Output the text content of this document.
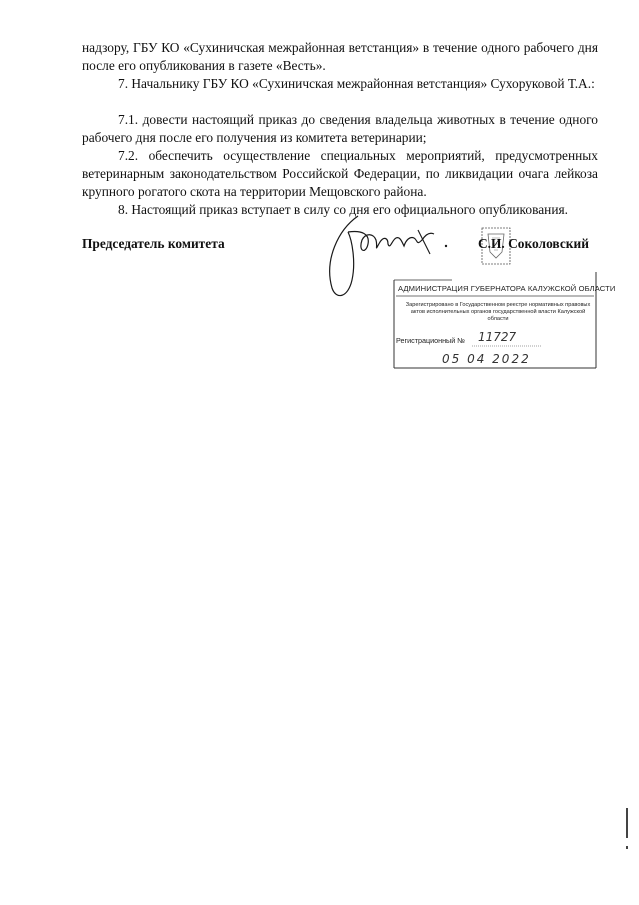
надзору, ГБУ КО «Сухиничская межрайонная ветстанция» в течение одного рабочего дня после его опубликования в газете «Весть».

7. Начальнику ГБУ КО «Сухиничская межрайонная ветстанция» Сухоруковой Т.А.:

7.1. довести настоящий приказ до сведения владельца животных в течение одного рабочего дня после его получения из комитета ветеринарии;

7.2. обеспечить осуществление специальных мероприятий, предусмотренных ветеринарным законодательством Российской Федерации, по ликвидации очага лейкоза крупного рогатого скота на территории Мещовского района.

8. Настоящий приказ вступает в силу со дня его официального опубликования.

Председатель комитета	С.И. Соколовский

АДМИНИСТРАЦИЯ ГУБЕРНАТОРА КАЛУЖСКОЙ ОБЛАСТИ
Зарегистрировано в Государственном реестре нормативных правовых актов исполнительных органов государственной власти Калужской области
Регистрационный № 11727
05 04 2022
